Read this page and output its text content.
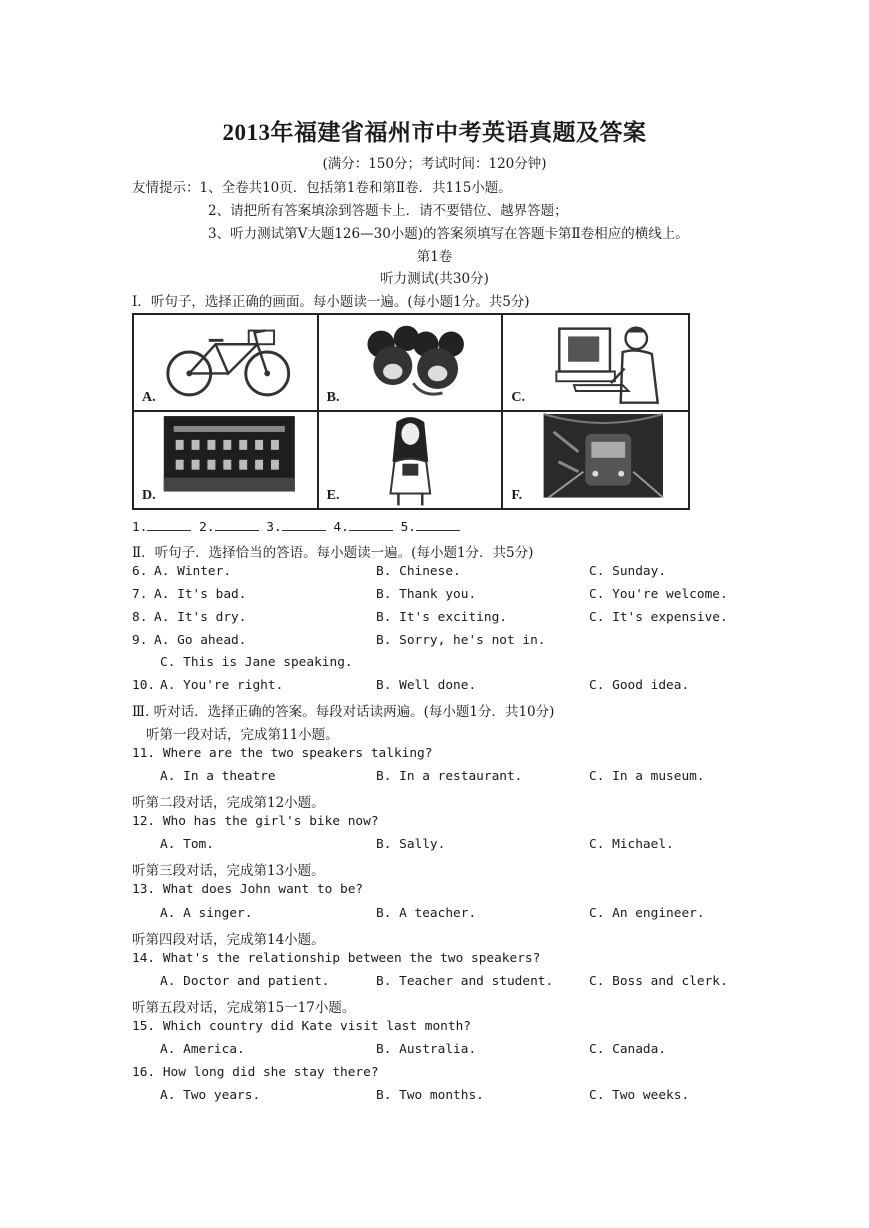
2013年福建省福州市中考英语真题及答案
(满分：150分；考试时间：120分钟)
友情提示：1、全卷共10页．包括第1卷和第Ⅱ卷．共115小题。
2、请把所有答案填涂到答题卡上．请不要错位、越界答题；
3、听力测试第Ⅴ大题126—30小题)的答案须填写在答题卡第Ⅱ卷相应的横线上。
第1卷
听力测试(共30分)
Ⅰ．听句子，选择正确的画面。每小题读一遍。(每小题1分。共5分)
A.	B.	C.
D.	E.	F.
1.	2.	3.	4.	5.
Ⅱ．听句子．选择恰当的答语。每小题读一遍。(每小题1分．共5分)
6. A. Winter.	B. Chinese.	C. Sunday.
7. A. It's bad.	B. Thank you.	C. You're welcome.
8. A. It's dry.	B. It's exciting.	C. It's expensive.
9. A. Go ahead.	B. Sorry, he's not in.
C. This is Jane speaking.
10. A. You're right.	B. Well done.	C. Good idea.
Ⅲ. 听对话．选择正确的答案。每段对话读两遍。(每小题1分．共10分)
听第一段对话，完成第11小题。
11. Where are the two speakers talking?
A. In a theatre	B. In a restaurant.	C. In a museum.
听第二段对话，完成第12小题。
12. Who has the girl's bike now?
A. Tom.	B. Sally.	C. Michael.
听第三段对话，完成第13小题。
13. What does John want to be?
A. A singer.	B. A teacher.	C. An engineer.
听第四段对话，完成第14小题。
14. What's the relationship between the two speakers?
A. Doctor and patient.	B. Teacher and student.	C. Boss and clerk.
听第五段对话，完成第15一17小题。
15. Which country did Kate visit last month?
A. America.	B. Australia.	C. Canada.
16. How long did she stay there?
A. Two years.	B. Two months.	C. Two weeks.
